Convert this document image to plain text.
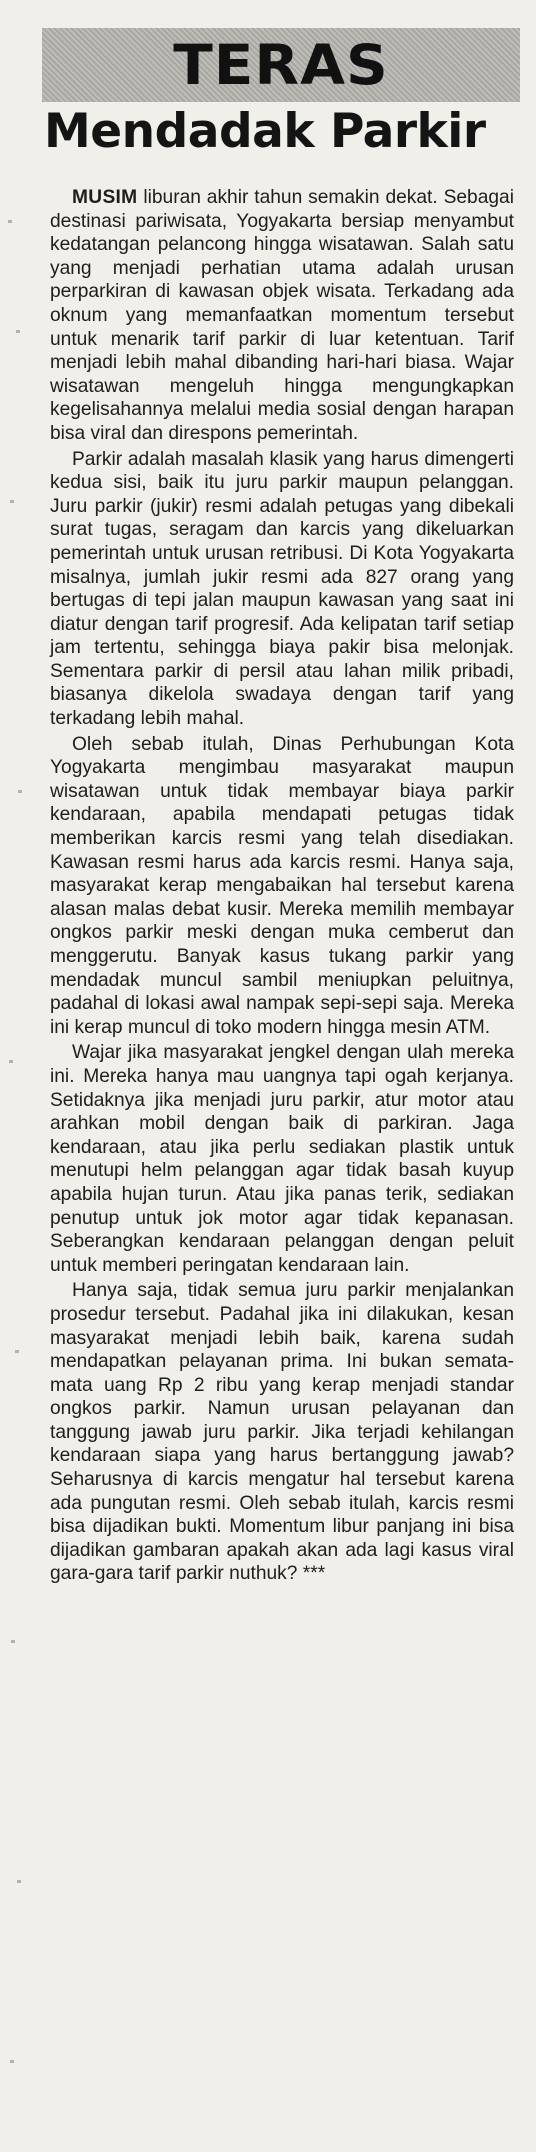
TERAS
Mendadak Parkir

MUSIM liburan akhir tahun semakin dekat. Sebagai destinasi pariwisata, Yogyakarta bersiap menyambut kedatangan pelancong hingga wisatawan. Salah satu yang menjadi perhatian utama adalah urusan perparkiran di kawasan objek wisata. Terkadang ada oknum yang memanfaatkan momentum tersebut untuk menarik tarif parkir di luar ketentuan. Tarif menjadi lebih mahal dibanding hari-hari biasa. Wajar wisatawan mengeluh hingga mengungkapkan kegelisahannya melalui media sosial dengan harapan bisa viral dan direspons pemerintah.

Parkir adalah masalah klasik yang harus dimengerti kedua sisi, baik itu juru parkir maupun pelanggan. Juru parkir (jukir) resmi adalah petugas yang dibekali surat tugas, seragam dan karcis yang dikeluarkan pemerintah untuk urusan retribusi. Di Kota Yogyakarta misalnya, jumlah jukir resmi ada 827 orang yang bertugas di tepi jalan maupun kawasan yang saat ini diatur dengan tarif progresif. Ada kelipatan tarif setiap jam tertentu, sehingga biaya pakir bisa melonjak. Sementara parkir di persil atau lahan milik pribadi, biasanya dikelola swadaya dengan tarif yang terkadang lebih mahal.

Oleh sebab itulah, Dinas Perhubungan Kota Yogyakarta mengimbau masyarakat maupun wisatawan untuk tidak membayar biaya parkir kendaraan, apabila mendapati petugas tidak memberikan karcis resmi yang telah disediakan. Kawasan resmi harus ada karcis resmi. Hanya saja, masyarakat kerap mengabaikan hal tersebut karena alasan malas debat kusir. Mereka memilih membayar ongkos parkir meski dengan muka cemberut dan menggerutu. Banyak kasus tukang parkir yang mendadak muncul sambil meniupkan peluitnya, padahal di lokasi awal nampak sepi-sepi saja. Mereka ini kerap muncul di toko modern hingga mesin ATM.

Wajar jika masyarakat jengkel dengan ulah mereka ini. Mereka hanya mau uangnya tapi ogah kerjanya. Setidaknya jika menjadi juru parkir, atur motor atau arahkan mobil dengan baik di parkiran. Jaga kendaraan, atau jika perlu sediakan plastik untuk menutupi helm pelanggan agar tidak basah kuyup apabila hujan turun. Atau jika panas terik, sediakan penutup untuk jok motor agar tidak kepanasan. Seberangkan kendaraan pelanggan dengan peluit untuk memberi peringatan kendaraan lain.

Hanya saja, tidak semua juru parkir menjalankan prosedur tersebut. Padahal jika ini dilakukan, kesan masyarakat menjadi lebih baik, karena sudah mendapatkan pelayanan prima. Ini bukan semata-mata uang Rp 2 ribu yang kerap menjadi standar ongkos parkir. Namun urusan pelayanan dan tanggung jawab juru parkir. Jika terjadi kehilangan kendaraan siapa yang harus bertanggung jawab? Seharusnya di karcis mengatur hal tersebut karena ada pungutan resmi. Oleh sebab itulah, karcis resmi bisa dijadikan bukti. Momentum libur panjang ini bisa dijadikan gambaran apakah akan ada lagi kasus viral gara-gara tarif parkir nuthuk? ***
